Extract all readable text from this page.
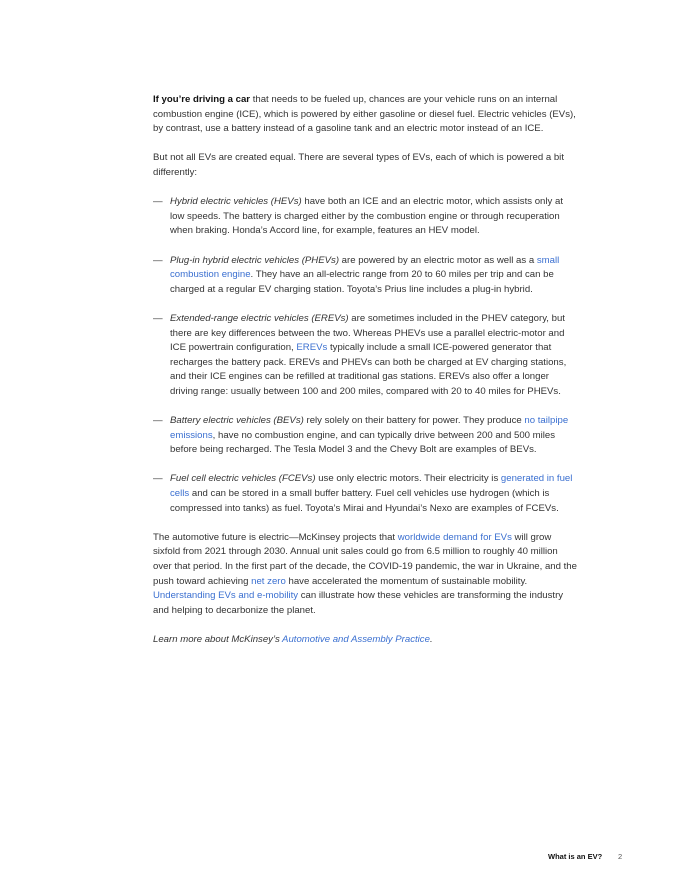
If you’re driving a car that needs to be fueled up, chances are your vehicle runs on an internal combustion engine (ICE), which is powered by either gasoline or diesel fuel. Electric vehicles (EVs), by contrast, use a battery instead of a gasoline tank and an electric motor instead of an ICE.

But not all EVs are created equal. There are several types of EVs, each of which is powered a bit differently:

— Hybrid electric vehicles (HEVs) have both an ICE and an electric motor, which assists only at low speeds. The battery is charged either by the combustion engine or through recuperation when braking. Honda’s Accord line, for example, features an HEV model.
— Plug-in hybrid electric vehicles (PHEVs) are powered by an electric motor as well as a small combustion engine. They have an all-electric range from 20 to 60 miles per trip and can be charged at a regular EV charging station. Toyota’s Prius line includes a plug-in hybrid.
— Extended-range electric vehicles (EREVs) are sometimes included in the PHEV category, but there are key differences between the two. Whereas PHEVs use a parallel electric-motor and ICE powertrain configuration, EREVs typically include a small ICE-powered generator that recharges the battery pack. EREVs and PHEVs can both be charged at EV charging stations, and their ICE engines can be refilled at traditional gas stations. EREVs also offer a longer driving range: usually between 100 and 200 miles, compared with 20 to 40 miles for PHEVs.
— Battery electric vehicles (BEVs) rely solely on their battery for power. They produce no tailpipe emissions, have no combustion engine, and can typically drive between 200 and 500 miles before being recharged. The Tesla Model 3 and the Chevy Bolt are examples of BEVs.
— Fuel cell electric vehicles (FCEVs) use only electric motors. Their electricity is generated in fuel cells and can be stored in a small buffer battery. Fuel cell vehicles use hydrogen (which is compressed into tanks) as fuel. Toyota’s Mirai and Hyundai’s Nexo are examples of FCEVs.

The automotive future is electric—McKinsey projects that worldwide demand for EVs will grow sixfold from 2021 through 2030. Annual unit sales could go from 6.5 million to roughly 40 million over that period. In the first part of the decade, the COVID-19 pandemic, the war in Ukraine, and the push toward achieving net zero have accelerated the momentum of sustainable mobility. Understanding EVs and e-mobility can illustrate how these vehicles are transforming the industry and helping to decarbonize the planet.

Learn more about McKinsey’s Automotive and Assembly Practice.

What is an EV? 2
